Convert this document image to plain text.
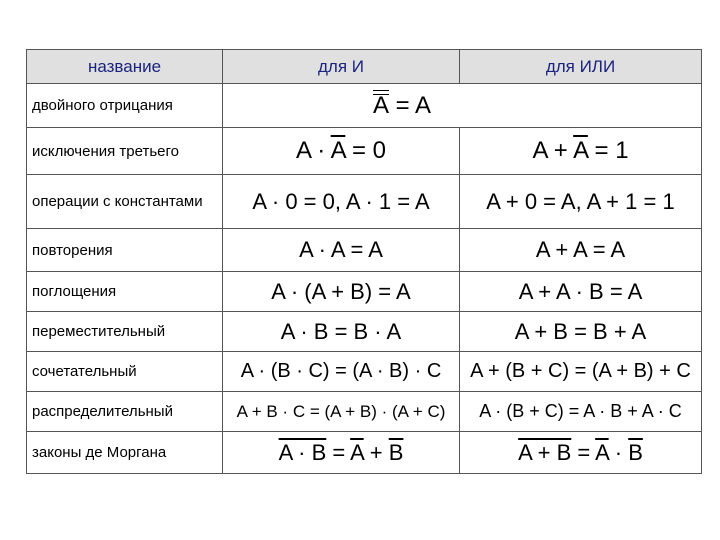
название	для И	для ИЛИ
двойного отрицания	A = A	
исключения третьего	$A \cdot \overline{A} = 0$	$A + \overline{A} = 1$
операции с константами	A · 0 = 0, A · 1 = A	A + 0 = A, A + 1 = 1
повторения	A · A = A	A + A = A
поглощения	A · (A + B) = A	A + A · B = A
переместительный	A · B = B · A	A + B = B + A
сочетательный	A · (B · C) = (A · B) · C	A + (B + C) = (A + B) + C
распределительный	A + B · C = (A + B) · (A + C)	A · (B + C) = A · B + A · C
законы де Моргана	$A \cdot B = \overline{A} + \overline{B}$	$A + B = \overline{A} \cdot \overline{B}$
